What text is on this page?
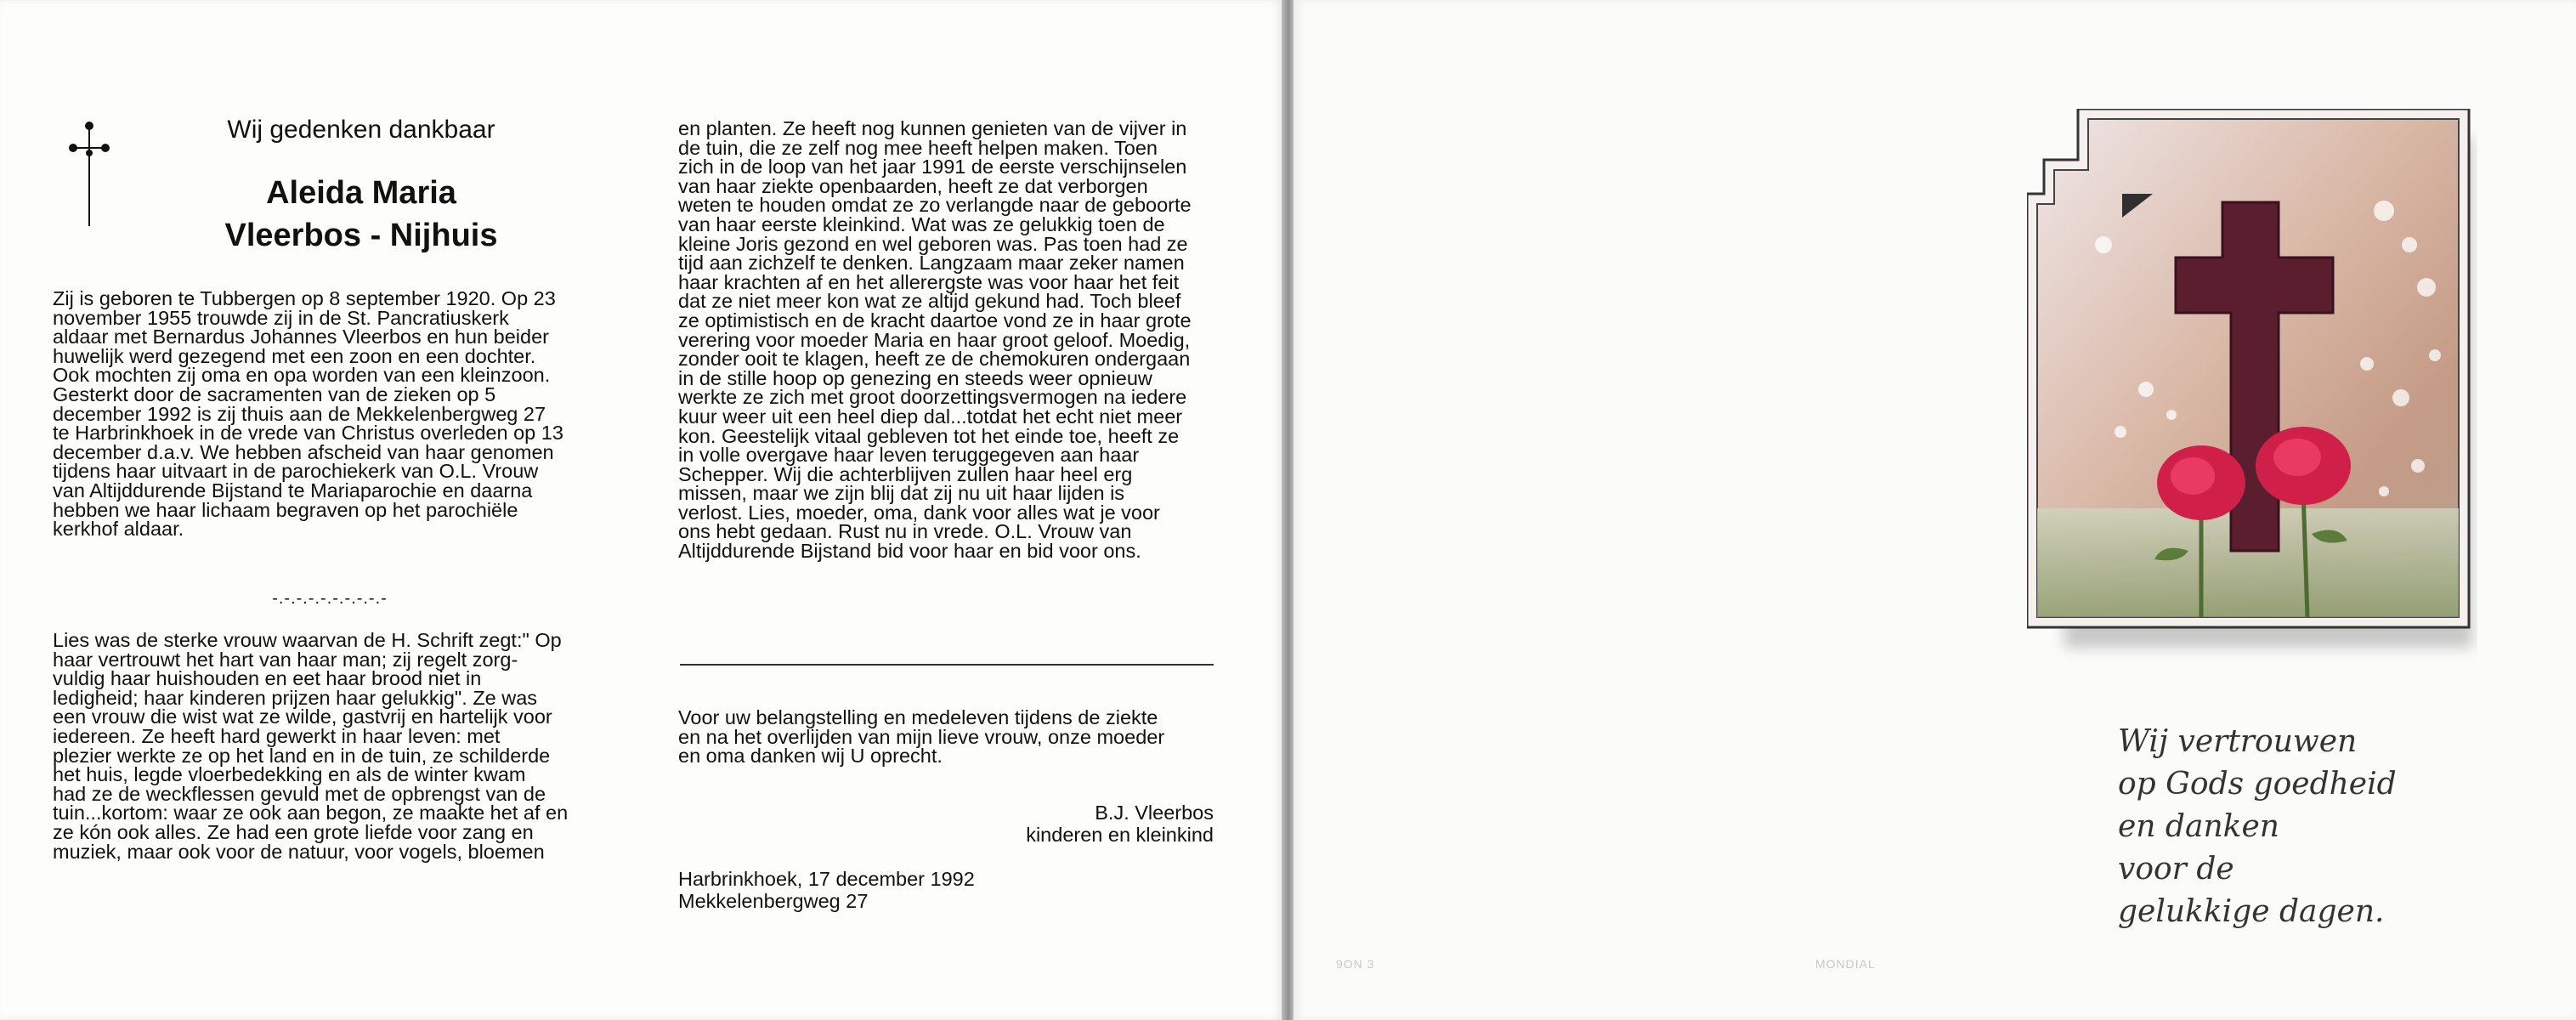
Wij gedenken dankbaar
Aleida Maria
Vleerbos - Nijhuis

Zij is geboren te Tubbergen op 8 september 1920. Op 23
november 1955 trouwde zij in de St. Pancratiuskerk
aldaar met Bernardus Johannes Vleerbos en hun beider
huwelijk werd gezegend met een zoon en een dochter.
Ook mochten zij oma en opa worden van een kleinzoon.
Gesterkt door de sacramenten van de zieken op 5
december 1992 is zij thuis aan de Mekkelenbergweg 27
te Harbrinkhoek in de vrede van Christus overleden op 13
december d.a.v. We hebben afscheid van haar genomen
tijdens haar uitvaart in de parochiekerk van O.L. Vrouw
van Altijddurende Bijstand te Mariaparochie en daarna
hebben we haar lichaam begraven op het parochiële
kerkhof aldaar.

-.-.-.-.-.-.-.-.-.-

Lies was de sterke vrouw waarvan de H. Schrift zegt:" Op
haar vertrouwt het hart van haar man; zij regelt zorg-
vuldig haar huishouden en eet haar brood niet in
ledigheid; haar kinderen prijzen haar gelukkig". Ze was
een vrouw die wist wat ze wilde, gastvrij en hartelijk voor
iedereen. Ze heeft hard gewerkt in haar leven: met
plezier werkte ze op het land en in de tuin, ze schilderde
het huis, legde vloerbedekking en als de winter kwam
had ze de weckflessen gevuld met de opbrengst van de
tuin...kortom: waar ze ook aan begon, ze maakte het af en
ze kón ook alles. Ze had een grote liefde voor zang en
muziek, maar ook voor de natuur, voor vogels, bloemen

en planten. Ze heeft nog kunnen genieten van de vijver in
de tuin, die ze zelf nog mee heeft helpen maken. Toen
zich in de loop van het jaar 1991 de eerste verschijnselen
van haar ziekte openbaarden, heeft ze dat verborgen
weten te houden omdat ze zo verlangde naar de geboorte
van haar eerste kleinkind. Wat was ze gelukkig toen de
kleine Joris gezond en wel geboren was. Pas toen had ze
tijd aan zichzelf te denken. Langzaam maar zeker namen
haar krachten af en het allerergste was voor haar het feit
dat ze niet meer kon wat ze altijd gekund had. Toch bleef
ze optimistisch en de kracht daartoe vond ze in haar grote
verering voor moeder Maria en haar groot geloof. Moedig,
zonder ooit te klagen, heeft ze de chemokuren ondergaan
in de stille hoop op genezing en steeds weer opnieuw
werkte ze zich met groot doorzettingsvermogen na iedere
kuur weer uit een heel diep dal...totdat het echt niet meer
kon. Geestelijk vitaal gebleven tot het einde toe, heeft ze
in volle overgave haar leven teruggegeven aan haar
Schepper. Wij die achterblijven zullen haar heel erg
missen, maar we zijn blij dat zij nu uit haar lijden is
verlost. Lies, moeder, oma, dank voor alles wat je voor
ons hebt gedaan. Rust nu in vrede. O.L. Vrouw van
Altijddurende Bijstand bid voor haar en bid voor ons.

Voor uw belangstelling en medeleven tijdens de ziekte
en na het overlijden van mijn lieve vrouw, onze moeder
en oma danken wij U oprecht.
B.J. Vleerbos
kinderen en kleinkind
Harbrinkhoek, 17 december 1992
Mekkelenbergweg 27
9ON 3	MONDIAL

Wij vertrouwen

op Gods goedheid

en danken

voor de

gelukkige dagen.
